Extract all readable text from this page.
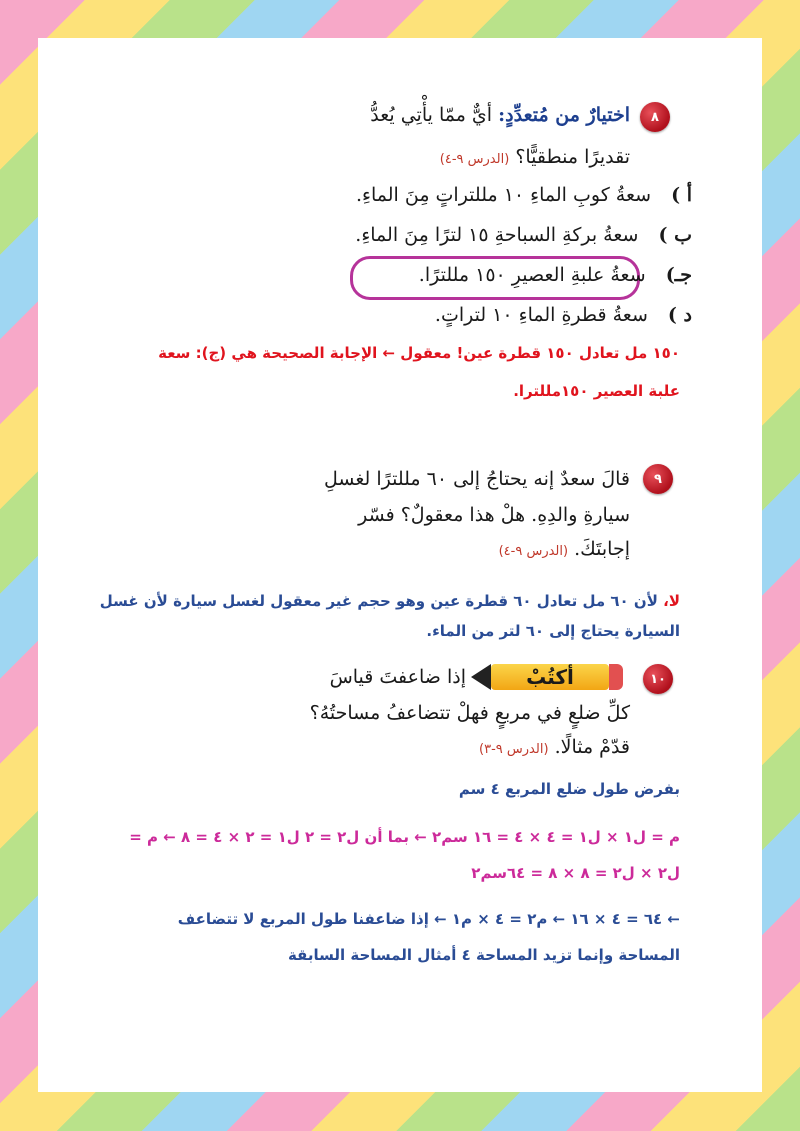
٨
اختيارٌ من مُتعدِّدٍ: أيٌّ ممّا يأْتِي يُعدُّ
تقديرًا منطقيًّا؟ (الدرس ٩-٤)
أ ) سعةُ كوبِ الماءِ ١٠ مللتراتٍ مِنَ الماءِ.
ب ) سعةُ بركةِ السباحةِ ١٥ لترًا مِنَ الماءِ.
جـ) سعةُ علبةِ العصيرِ ١٥٠ مللترًا.
د ) سعةُ قطرةِ الماءِ ١٠ لتراتٍ.
١٥٠ مل تعادل ١٥٠ قطرة عين! معقول ← الإجابة الصحيحة هي (ج): سعة
علبة العصير ١٥٠مللترا.
٩
قالَ سعدٌ إنه يحتاجُ إلى ٦٠ مللترًا لغسلِ
سيارةِ والدِهِ. هلْ هذا معقولٌ؟ فسّر
إجابتَكَ. (الدرس ٩-٤)
لا، لأن ٦٠ مل تعادل ٦٠ قطرة عين وهو حجم غير معقول لغسل سيارة لأن غسل
السيارة يحتاج إلى ٦٠ لتر من الماء.
١٠
أكتُبْ
إذا ضاعفتَ قياسَ
كلِّ ضلعٍ في مربعٍ فهلْ تتضاعفُ مساحتُهُ؟
قدّمْ مثالًا. (الدرس ٩-٣)
بفرض طول ضلع المربع ٤ سم
م = ل١ × ل١ = ٤ × ٤ = ١٦ سم٢ ← بما أن ل٢ = ٢ ل١ = ٢ × ٤ = ٨ ← م =
ل٢ × ل٢ = ٨ × ٨ = ٦٤سم٢
← ٦٤ = ٤ × ١٦ ← م٢ = ٤ × م١ ← إذا ضاعفنا طول المربع لا تتضاعف
المساحة وإنما تزيد المساحة ٤ أمثال المساحة السابقة
